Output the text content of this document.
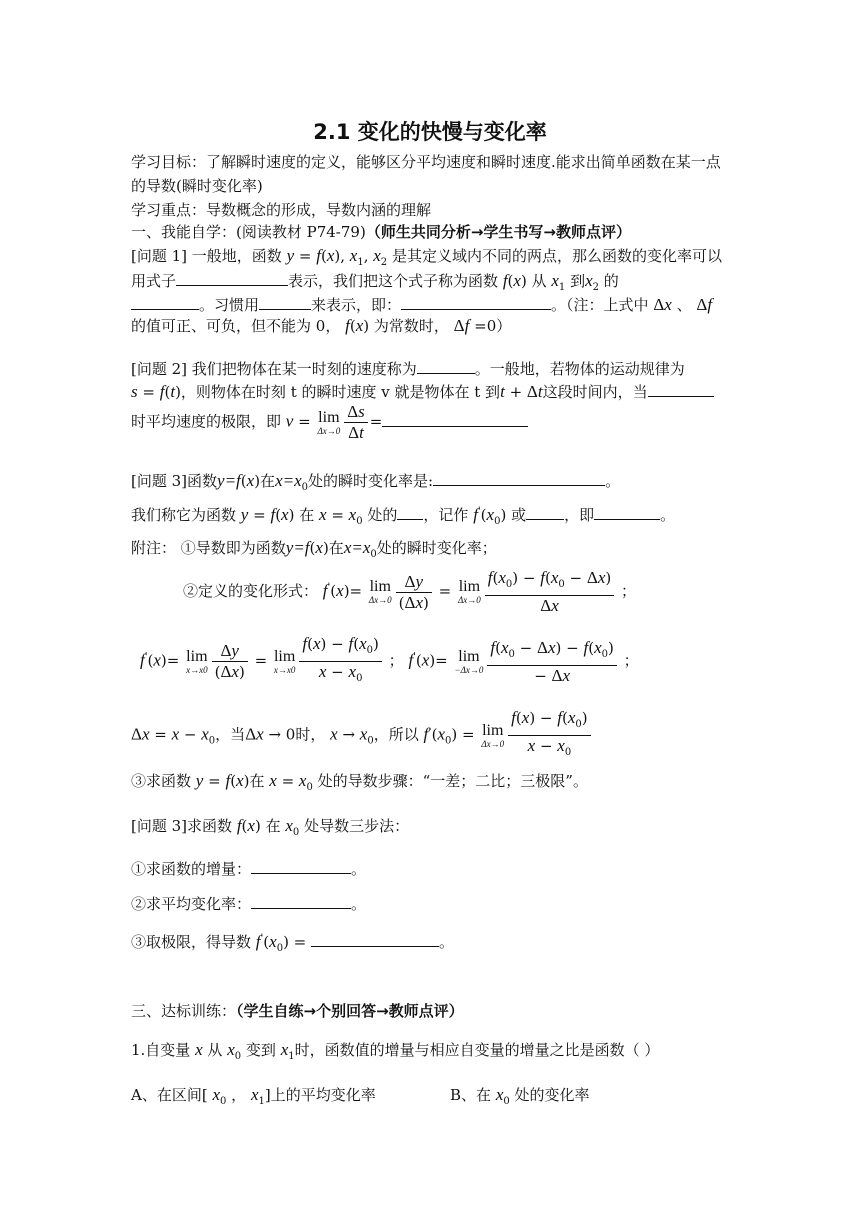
2.1 变化的快慢与变化率
学习目标：了解瞬时速度的定义，能够区分平均速度和瞬时速度.能求出简单函数在某一点
的导数(瞬时变化率)
学习重点：导数概念的形成，导数内涵的理解
一、我能自学：(阅读教材 P74-79)（师生共同分析→学生书写→教师点评）
[问题 1] 一般地，函数 y = f(x), $x_1$, $x_2$ 是其定义域内不同的两点，那么函数的变化率可以
用式子	表示，我们把这个式子称为函数 f(x) 从 $x_1$ 到$x_2$ 的
。习惯用	来表示，即：	。（注：上式中 Δx 、 Δf
的值可正、可负，但不能为 0， f(x) 为常数时， Δf =0）
[问题 2] 我们把物体在某一时刻的速度称为	。一般地，若物体的运动规律为
s = f(t)，则物体在时刻 t 的瞬时速度 v 就是物体在 t 到t + Δt这段时间内，当
时平均速度的极限，即 v = lim
$\Delta x\to 0 \frac{\Delta s}{\Delta t}$ =
[问题 3]函数y=f(x)在$x=x_0$处的瞬时变化率是:	。
我们称它为函数 y = f(x) 在 $x = x_0$ 处的 ，记作 $f'(x_0)$ 或	，即	。
附注： ①导数即为函数y=f(x)在$x=x_0$处的瞬时变化率；
②定义的变化形式： f'(x)= lim
$\Delta x\to 0 \frac{\Delta y}{(\Delta x)} = \lim$
$\Delta x\to 0 \frac{f(x_0) - f(x_0 - \Delta x)}{\Delta x}$ ；
f'(x)= lim
$x\to x0 \frac{\Delta y}{(\Delta x)} = \lim$
$x\to x0 \frac{f(x) - f(x_0)}{x - x_0}$ ； f'(x)= lim
$-\Delta x\to 0 \frac{f(x_0 - \Delta x) - f(x_0)}{- \Delta x}$ ；
$\Delta x = x - x_0$，当Δx → 0时， $x \to x_0$，所以 $f'(x_0) = \lim$
$\Delta x\to 0 \frac{f(x) - f(x_0)}{x - x_0}$
③求函数 y = f(x)在 $x = x_0$ 处的导数步骤：“一差；二比；三极限”。
[问题 3]求函数 f(x) 在 $x_0$ 处导数三步法：
①求函数的增量：	。
②求平均变化率：	。
③取极限，得导数 $f'(x_0)$ =	。
三、达标训练：（学生自练→个别回答→教师点评）
1.自变量 x 从 $x_0$ 变到 $x_1$时，函数值的增量与相应自变量的增量之比是函数（ ）
A、在区间[ $x_0$ ， $x_1$]上的平均变化率	B、在 $x_0$ 处的变化率
